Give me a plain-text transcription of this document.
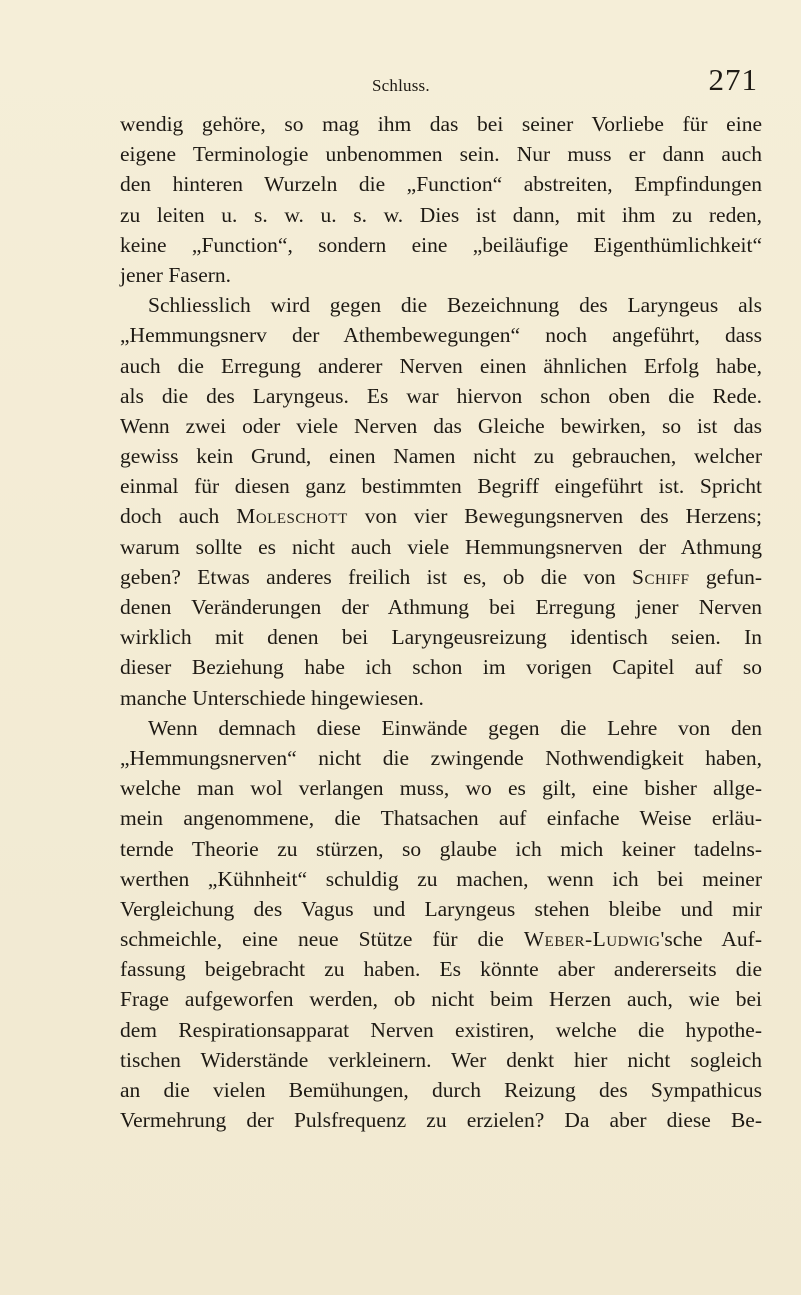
Schluss.	271
wendig gehöre, so mag ihm das bei seiner Vorliebe für eine
eigene Terminologie unbenommen sein. Nur muss er dann auch
den hinteren Wurzeln die „Function“ abstreiten, Empfindungen
zu leiten u. s. w. u. s. w. Dies ist dann, mit ihm zu reden,
keine „Function“, sondern eine „beiläufige Eigenthümlichkeit“
jener Fasern.
Schliesslich wird gegen die Bezeichnung des Laryngeus als
„Hemmungsnerv der Athembewegungen“ noch angeführt, dass
auch die Erregung anderer Nerven einen ähnlichen Erfolg habe,
als die des Laryngeus. Es war hiervon schon oben die Rede.
Wenn zwei oder viele Nerven das Gleiche bewirken, so ist das
gewiss kein Grund, einen Namen nicht zu gebrauchen, welcher
einmal für diesen ganz bestimmten Begriff eingeführt ist. Spricht
doch auch Moleschott von vier Bewegungsnerven des Herzens;
warum sollte es nicht auch viele Hemmungsnerven der Athmung
geben? Etwas anderes freilich ist es, ob die von Schiff gefun-
denen Veränderungen der Athmung bei Erregung jener Nerven
wirklich mit denen bei Laryngeusreizung identisch seien. In
dieser Beziehung habe ich schon im vorigen Capitel auf so
manche Unterschiede hingewiesen.
Wenn demnach diese Einwände gegen die Lehre von den
„Hemmungsnerven“ nicht die zwingende Nothwendigkeit haben,
welche man wol verlangen muss, wo es gilt, eine bisher allge-
mein angenommene, die Thatsachen auf einfache Weise erläu-
ternde Theorie zu stürzen, so glaube ich mich keiner tadelns-
werthen „Kühnheit“ schuldig zu machen, wenn ich bei meiner
Vergleichung des Vagus und Laryngeus stehen bleibe und mir
schmeichle, eine neue Stütze für die Weber-Ludwig'sche Auf-
fassung beigebracht zu haben. Es könnte aber andererseits die
Frage aufgeworfen werden, ob nicht beim Herzen auch, wie bei
dem Respirationsapparat Nerven existiren, welche die hypothe-
tischen Widerstände verkleinern. Wer denkt hier nicht sogleich
an die vielen Bemühungen, durch Reizung des Sympathicus
Vermehrung der Pulsfrequenz zu erzielen? Da aber diese Be-
